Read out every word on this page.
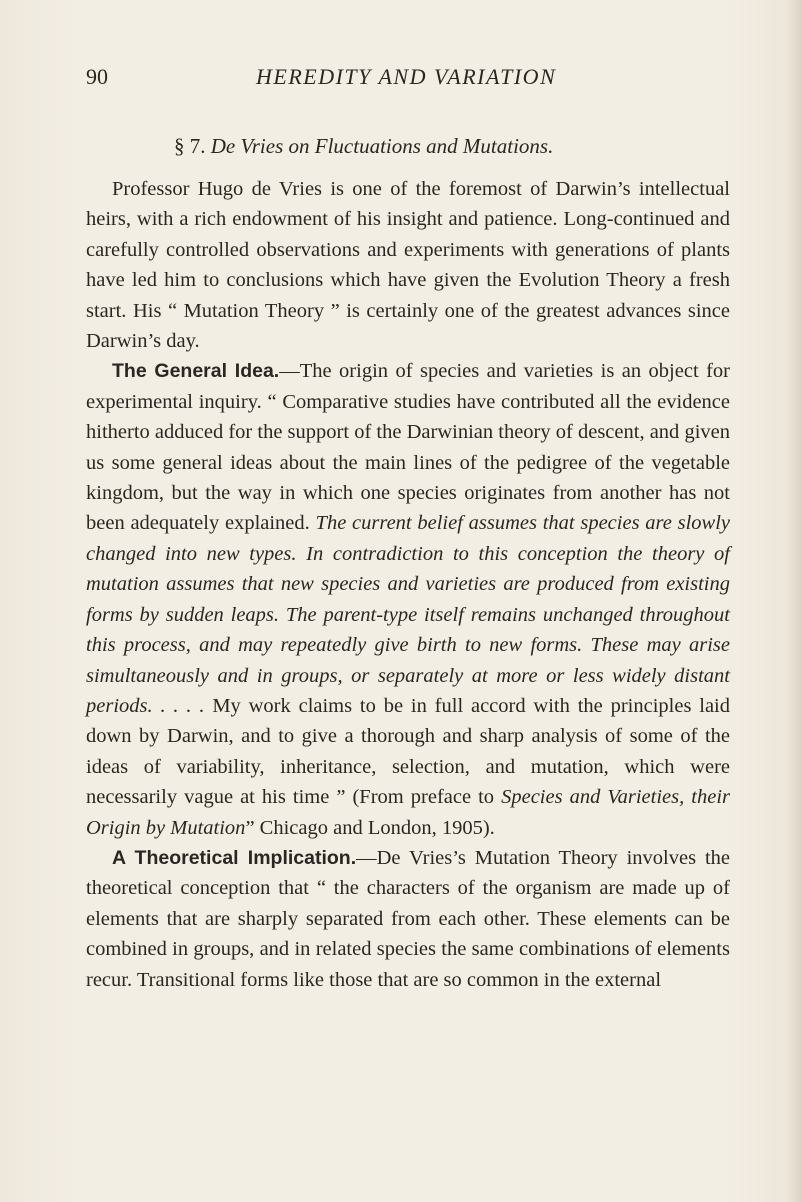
90	HEREDITY AND VARIATION
§ 7. De Vries on Fluctuations and Mutations.

Professor Hugo de Vries is one of the foremost of Darwin’s intellectual heirs, with a rich endowment of his insight and patience. Long-continued and carefully controlled observations and experiments with generations of plants have led him to conclusions which have given the Evolution Theory a fresh start. His “ Mutation Theory ” is certainly one of the greatest advances since Darwin’s day.

The General Idea.—The origin of species and varieties is an object for experimental inquiry. “ Comparative studies have contributed all the evidence hitherto adduced for the support of the Darwinian theory of descent, and given us some general ideas about the main lines of the pedigree of the vegetable kingdom, but the way in which one species originates from another has not been adequately explained. The current belief assumes that species are slowly changed into new types. In contradiction to this conception the theory of mutation assumes that new species and varieties are produced from existing forms by sudden leaps. The parent-type itself remains unchanged throughout this process, and may repeatedly give birth to new forms. These may arise simultaneously and in groups, or separately at more or less widely distant periods. . . . . My work claims to be in full accord with the principles laid down by Darwin, and to give a thorough and sharp analysis of some of the ideas of variability, inheritance, selection, and mutation, which were necessarily vague at his time ” (From preface to Species and Varieties, their Origin by Mutation” Chicago and London, 1905).

A Theoretical Implication.—De Vries’s Mutation Theory involves the theoretical conception that “ the characters of the organism are made up of elements that are sharply separated from each other. These elements can be combined in groups, and in related species the same combinations of elements recur. Transitional forms like those that are so common in the external
